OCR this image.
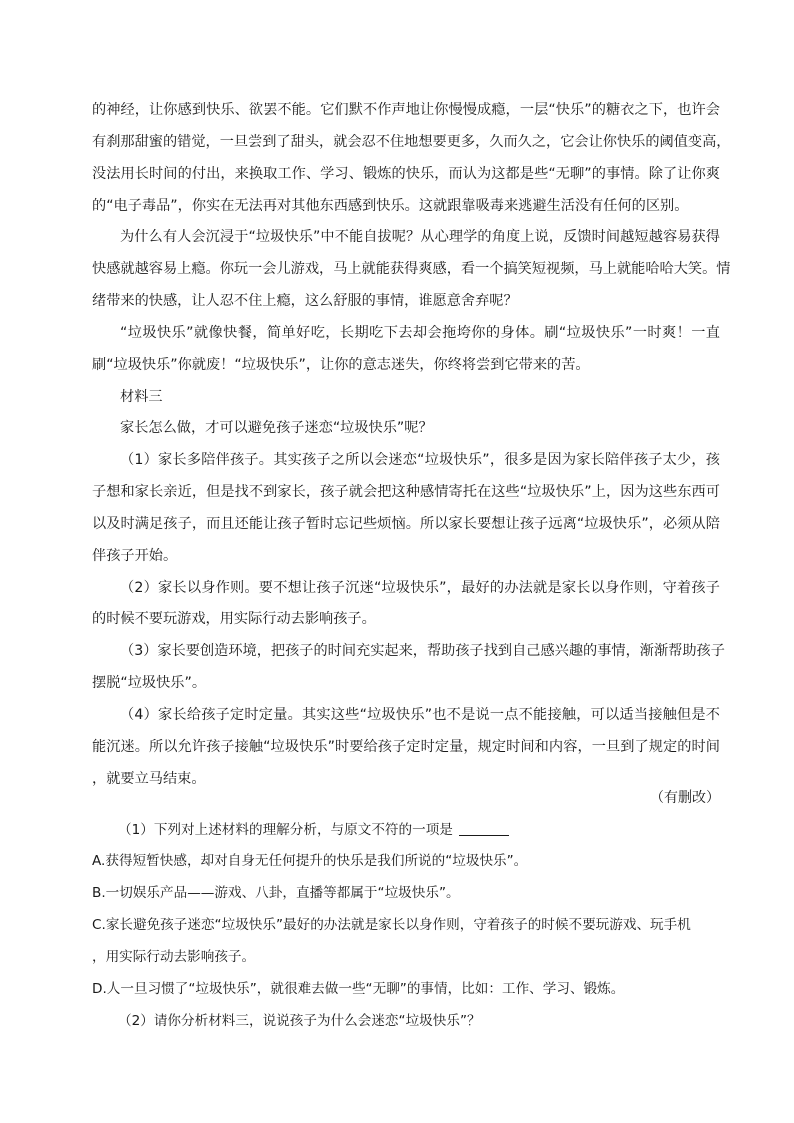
的神经，让你感到快乐、欲罢不能。它们默不作声地让你慢慢成瘾，一层“快乐”的糖衣之下，也许会
有刹那甜蜜的错觉，一旦尝到了甜头，就会忍不住地想要更多，久而久之，它会让你快乐的阈值变高，
没法用长时间的付出，来换取工作、学习、锻炼的快乐，而认为这都是些“无聊”的事情。除了让你爽
的“电子毒品”，你实在无法再对其他东西感到快乐。这就跟靠吸毒来逃避生活没有任何的区别。
为什么有人会沉浸于“垃圾快乐”中不能自拔呢？从心理学的角度上说，反馈时间越短越容易获得
快感就越容易上瘾。你玩一会儿游戏，马上就能获得爽感，看一个搞笑短视频，马上就能哈哈大笑。情
绪带来的快感，让人忍不住上瘾，这么舒服的事情，谁愿意舍弃呢？
“垃圾快乐”就像快餐，简单好吃，长期吃下去却会拖垮你的身体。刷“垃圾快乐”一时爽！一直
刷“垃圾快乐”你就废！“垃圾快乐”，让你的意志迷失，你终将尝到它带来的苦。
材料三
家长怎么做，才可以避免孩子迷恋“垃圾快乐”呢？
（1）家长多陪伴孩子。其实孩子之所以会迷恋“垃圾快乐”，很多是因为家长陪伴孩子太少，孩
子想和家长亲近，但是找不到家长，孩子就会把这种感情寄托在这些“垃圾快乐”上，因为这些东西可
以及时满足孩子，而且还能让孩子暂时忘记些烦恼。所以家长要想让孩子远离“垃圾快乐”，必须从陪
伴孩子开始。
（2）家长以身作则。要不想让孩子沉迷“垃圾快乐”，最好的办法就是家长以身作则，守着孩子
的时候不要玩游戏，用实际行动去影响孩子。
（3）家长要创造环境，把孩子的时间充实起来，帮助孩子找到自己感兴趣的事情，渐渐帮助孩子
摆脱“垃圾快乐”。
（4）家长给孩子定时定量。其实这些“垃圾快乐”也不是说一点不能接触，可以适当接触但是不
能沉迷。所以允许孩子接触“垃圾快乐”时要给孩子定时定量，规定时间和内容，一旦到了规定的时间
，就要立马结束。
（有删改）
（1）下列对上述材料的理解分析，与原文不符的一项是
A.获得短暂快感，却对自身无任何提升的快乐是我们所说的“垃圾快乐”。
B.一切娱乐产品——游戏、八卦，直播等都属于“垃圾快乐”。
C.家长避免孩子迷恋“垃圾快乐”最好的办法就是家长以身作则，守着孩子的时候不要玩游戏、玩手机
，用实际行动去影响孩子。
D.人一旦习惯了“垃圾快乐”，就很难去做一些“无聊”的事情，比如：工作、学习、锻炼。
（2）请你分析材料三，说说孩子为什么会迷恋“垃圾快乐”？
